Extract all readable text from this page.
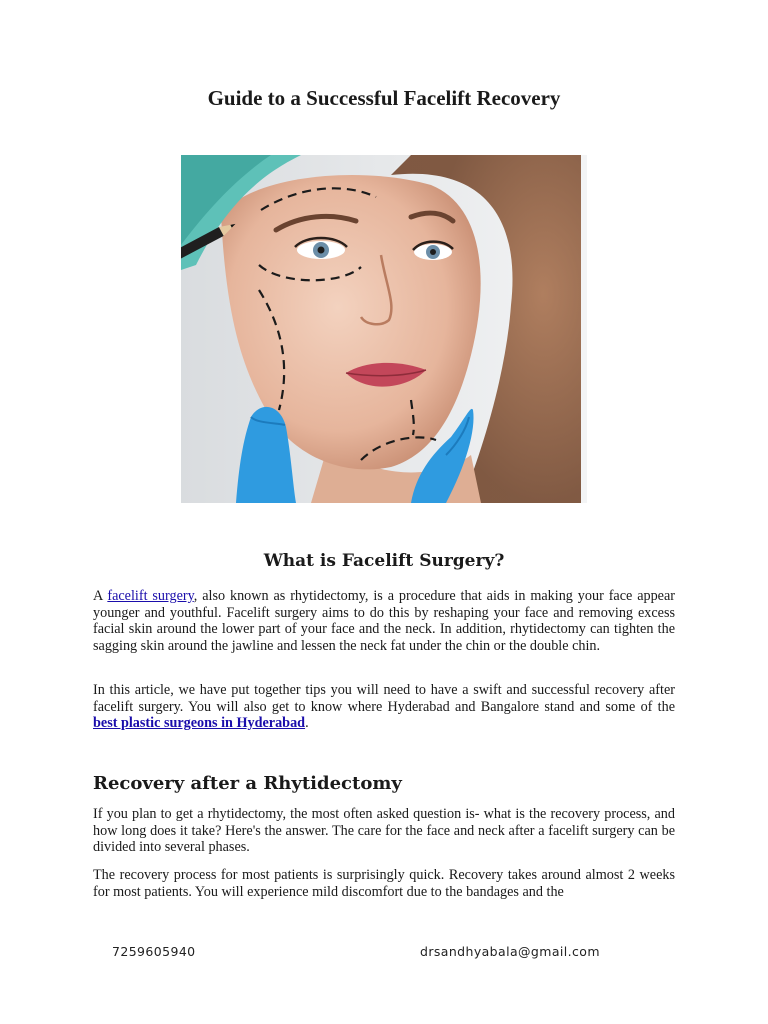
Guide to a Successful Facelift Recovery
What is Facelift Surgery?

A facelift surgery, also known as rhytidectomy, is a procedure that aids in making your face appear younger and youthful. Facelift surgery aims to do this by reshaping your face and removing excess facial skin around the lower part of your face and the neck. In addition, rhytidectomy can tighten the sagging skin around the jawline and lessen the neck fat under the chin or the double chin.

In this article, we have put together tips you will need to have a swift and successful recovery after facelift surgery. You will also get to know where Hyderabad and Bangalore stand and some of the best plastic surgeons in Hyderabad.

Recovery after a Rhytidectomy

If you plan to get a rhytidectomy, the most often asked question is- what is the recovery process, and how long does it take? Here's the answer. The care for the face and neck after a facelift surgery can be divided into several phases.

The recovery process for most patients is surprisingly quick. Recovery takes around almost 2 weeks for most patients. You will experience mild discomfort due to the bandages and the

7259605940	drsandhyabala@gmail.com
